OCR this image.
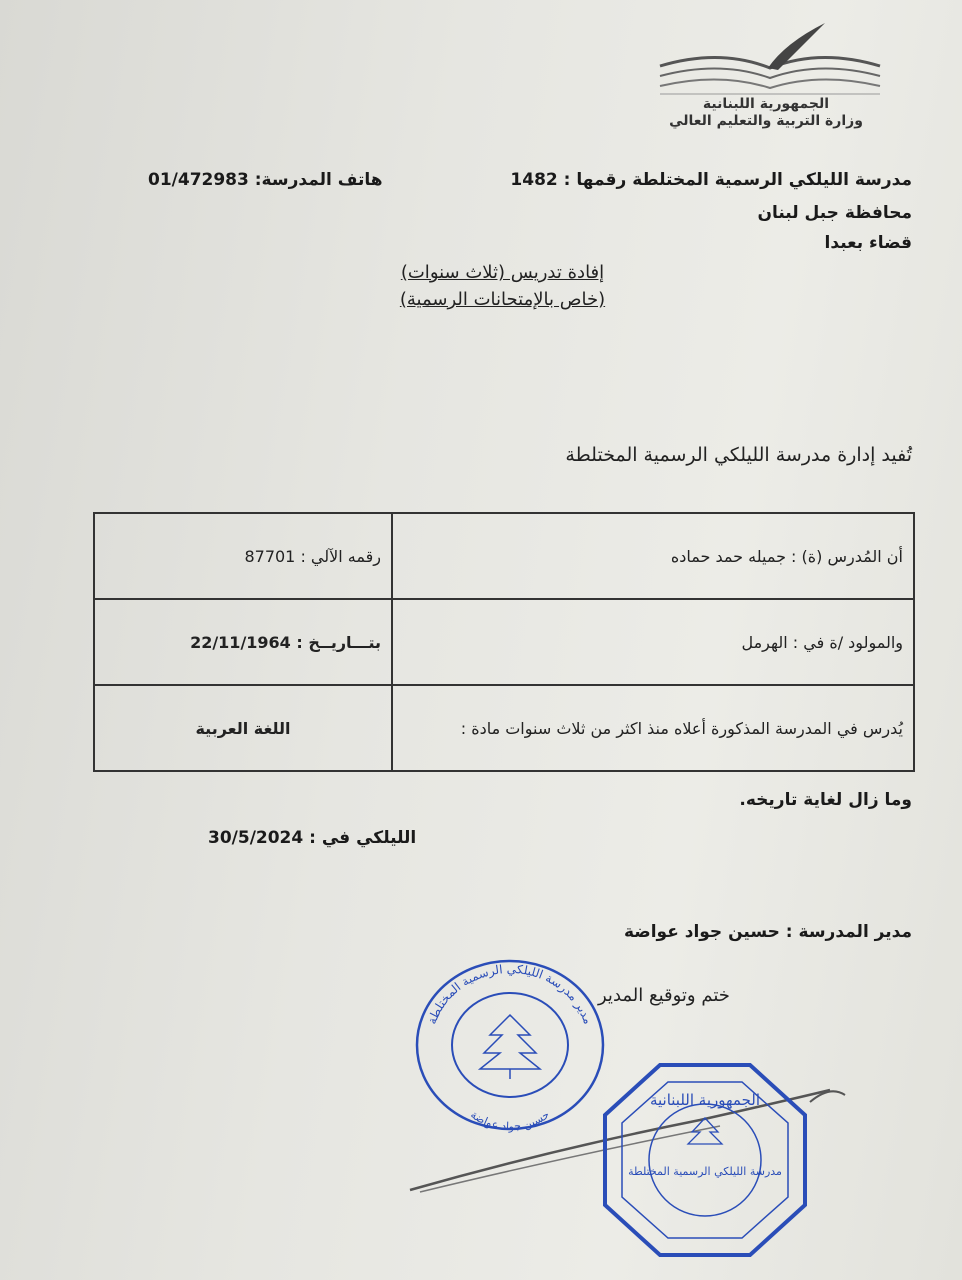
الجمهورية اللبنانية
وزارة التربية والتعليم العالي
مدرسة الليلكي الرسمية المختلطة رقمها : 1482
هاتف المدرسة: 01/472983
محافظة جبل لبنان
قضاء بعبدا
إفادة تدريس (ثلاث سنوات)
(خاص بالإمتحانات الرسمية)
تُفيد إدارة مدرسة الليلكي الرسمية المختلطة
أن المُدرس (ة) : جميله حمد حماده	رقمه الآلي : 87701
والمولود /ة في : الهرمل	بتـــاريــخ : 22/11/1964
يُدرس في المدرسة المذكورة أعلاه منذ اكثر من ثلاث سنوات مادة :	اللغة العربية
وما زال لغاية تاريخه.
الليلكي في : 30/5/2024
مدير المدرسة : حسين جواد عواضة
ختم وتوقيع المدير
مدير مدرسة الليلكي الرسمية المختلطة
حسين جواد عواضة
الجمهورية اللبنانية
مدرسة الليلكي الرسمية المختلطة
